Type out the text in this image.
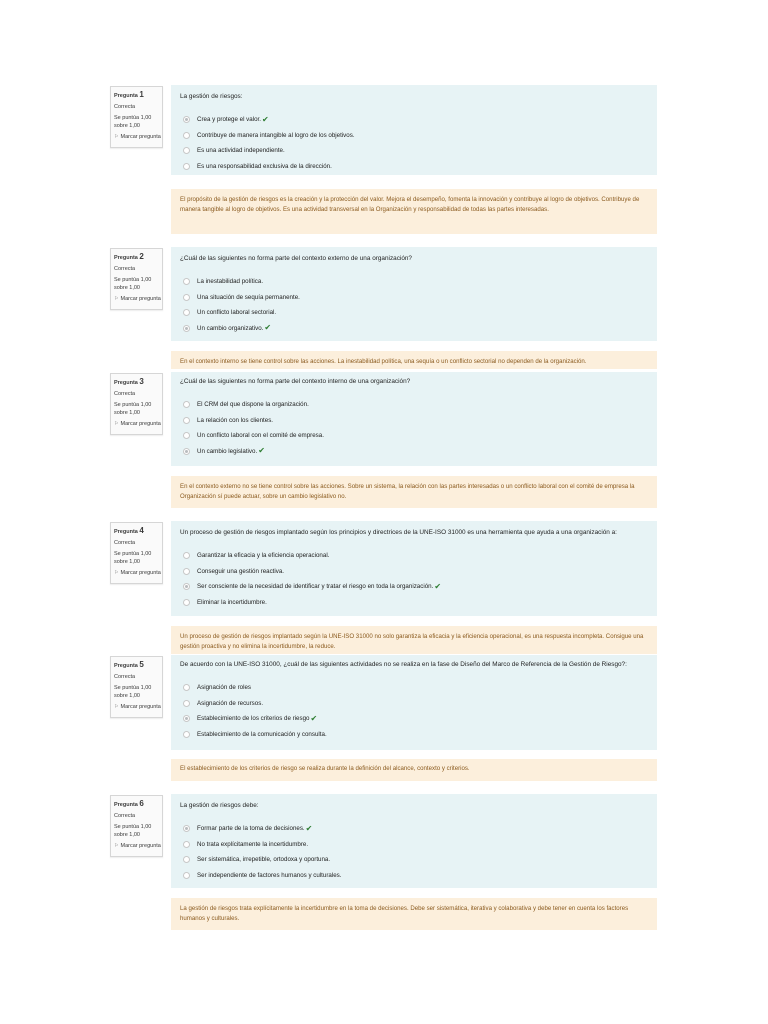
Pregunta 1
Correcta
Se puntúa 1,00 sobre 1,00
⚐ Marcar pregunta
La gestión de riesgos:
Crea y protege el valor. ✔
Contribuye de manera intangible al logro de los objetivos.
Es una actividad independiente.
Es una responsabilidad exclusiva de la dirección.
El propósito de la gestión de riesgos es la creación y la protección del valor. Mejora el desempeño, fomenta la innovación y contribuye al logro de objetivos. Contribuye de manera tangible al logro de objetivos. Es una actividad transversal en la Organización y responsabilidad de todas las partes interesadas.
Pregunta 2
Correcta
Se puntúa 1,00 sobre 1,00
⚐ Marcar pregunta
¿Cuál de las siguientes no forma parte del contexto externo de una organización?
La inestabilidad política.
Una situación de sequía permanente.
Un conflicto laboral sectorial.
Un cambio organizativo. ✔
En el contexto interno se tiene control sobre las acciones. La inestabilidad política, una sequía o un conflicto sectorial no dependen de la organización.
Pregunta 3
Correcta
Se puntúa 1,00 sobre 1,00
⚐ Marcar pregunta
¿Cuál de las siguientes no forma parte del contexto interno de una organización?
El CRM del que dispone la organización.
La relación con los clientes.
Un conflicto laboral con el comité de empresa.
Un cambio legislativo. ✔
En el contexto externo no se tiene control sobre las acciones. Sobre un sistema, la relación con las partes interesadas o un conflicto laboral con el comité de empresa la Organización sí puede actuar, sobre un cambio legislativo no.
Pregunta 4
Correcta
Se puntúa 1,00 sobre 1,00
⚐ Marcar pregunta
Un proceso de gestión de riesgos implantado según los principios y directrices de la UNE-ISO 31000 es una herramienta que ayuda a una organización a:
Garantizar la eficacia y la eficiencia operacional.
Conseguir una gestión reactiva.
Ser consciente de la necesidad de identificar y tratar el riesgo en toda la organización. ✔
Eliminar la incertidumbre.
Un proceso de gestión de riesgos implantado según la UNE-ISO 31000 no solo garantiza la eficacia y la eficiencia operacional, es una respuesta incompleta. Consigue una gestión proactiva y no elimina la incertidumbre, la reduce.
Pregunta 5
Correcta
Se puntúa 1,00 sobre 1,00
⚐ Marcar pregunta
De acuerdo con la UNE-ISO 31000, ¿cuál de las siguientes actividades no se realiza en la fase de Diseño del Marco de Referencia de la Gestión de Riesgo?:
Asignación de roles
Asignación de recursos.
Establecimiento de los criterios de riesgo ✔
Establecimiento de la comunicación y consulta.
El establecimiento de los criterios de riesgo se realiza durante la definición del alcance, contexto y criterios.
Pregunta 6
Correcta
Se puntúa 1,00 sobre 1,00
⚐ Marcar pregunta
La gestión de riesgos debe:
Formar parte de la toma de decisiones. ✔
No trata explícitamente la incertidumbre.
Ser sistemática, irrepetible, ortodoxa y oportuna.
Ser independiente de factores humanos y culturales.
La gestión de riesgos trata explícitamente la incertidumbre en la toma de decisiones. Debe ser sistemática, iterativa y colaborativa y debe tener en cuenta los factores humanos y culturales.
